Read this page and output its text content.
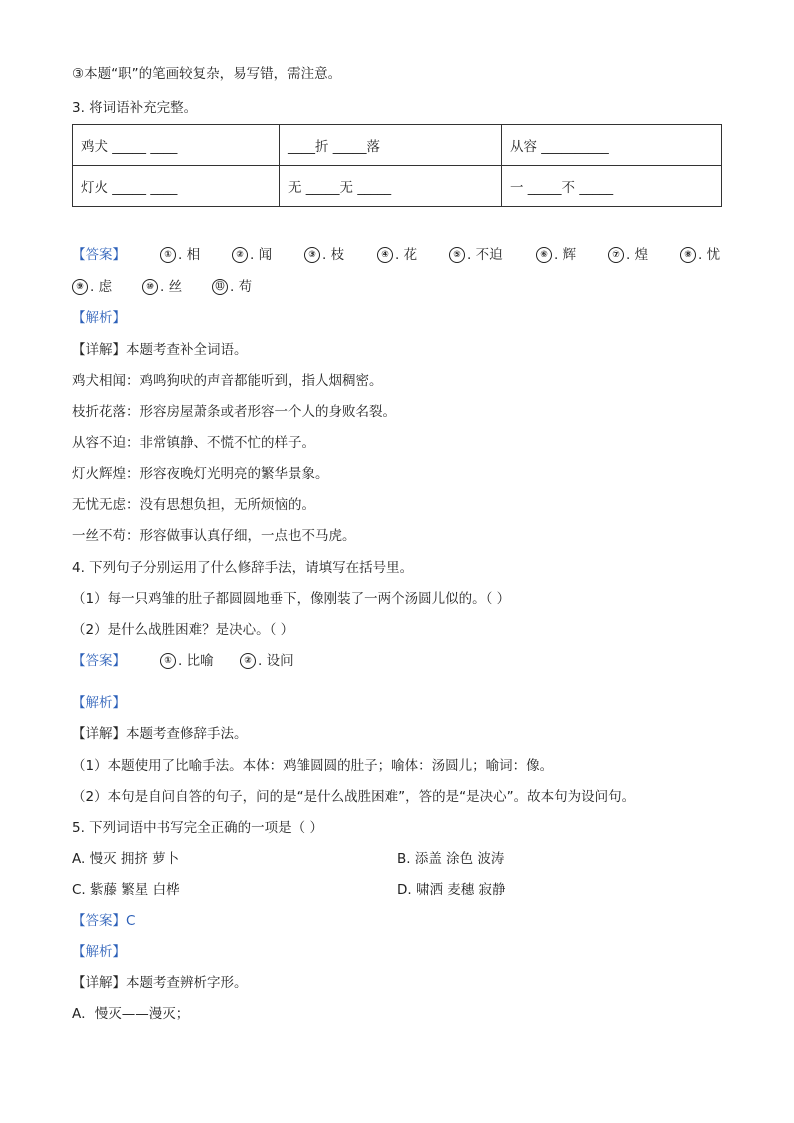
③本题“职”的笔画较复杂，易写错，需注意。
3. 将词语补充完整。
鸡犬 _____ ____	____折 _____落	从容 __________
灯火 _____ ____	无 _____无 _____	一 _____不 _____
【答案】	① . 相	② . 闻	③ . 枝	④ . 花	⑤ . 不迫	⑥ . 辉	⑦ . 煌	⑧ . 忧
⑨ . 虑	⑩ . 丝	⑪ . 苟
【解析】
【详解】本题考查补全词语。
鸡犬相闻：鸡鸣狗吠的声音都能听到，指人烟稠密。
枝折花落：形容房屋萧条或者形容一个人的身败名裂。
从容不迫：非常镇静、不慌不忙的样子。
灯火辉煌：形容夜晚灯光明亮的繁华景象。
无忧无虑：没有思想负担，无所烦恼的。
一丝不苟：形容做事认真仔细，一点也不马虎。
4. 下列句子分别运用了什么修辞手法，请填写在括号里。
（1）每一只鸡雏的肚子都圆圆地垂下，像刚装了一两个汤圆儿似的。（ ）
（2）是什么战胜困难？是决心。（ ）
【答案】	① . 比喻	② . 设问
【解析】
【详解】本题考查修辞手法。
（1）本题使用了比喻手法。本体：鸡雏圆圆的肚子；喻体：汤圆儿；喻词：像。
（2）本句是自问自答的句子，问的是“是什么战胜困难”，答的是“是决心”。故本句为设问句。
5. 下列词语中书写完全正确的一项是（ ）
A. 慢灭 拥挤 萝卜	B. 添盖 涂色 波涛
C. 紫藤 繁星 白桦	D. 啸洒 麦穗 寂静
【答案】C
【解析】
【详解】本题考查辨析字形。
A．慢灭——漫灭；
